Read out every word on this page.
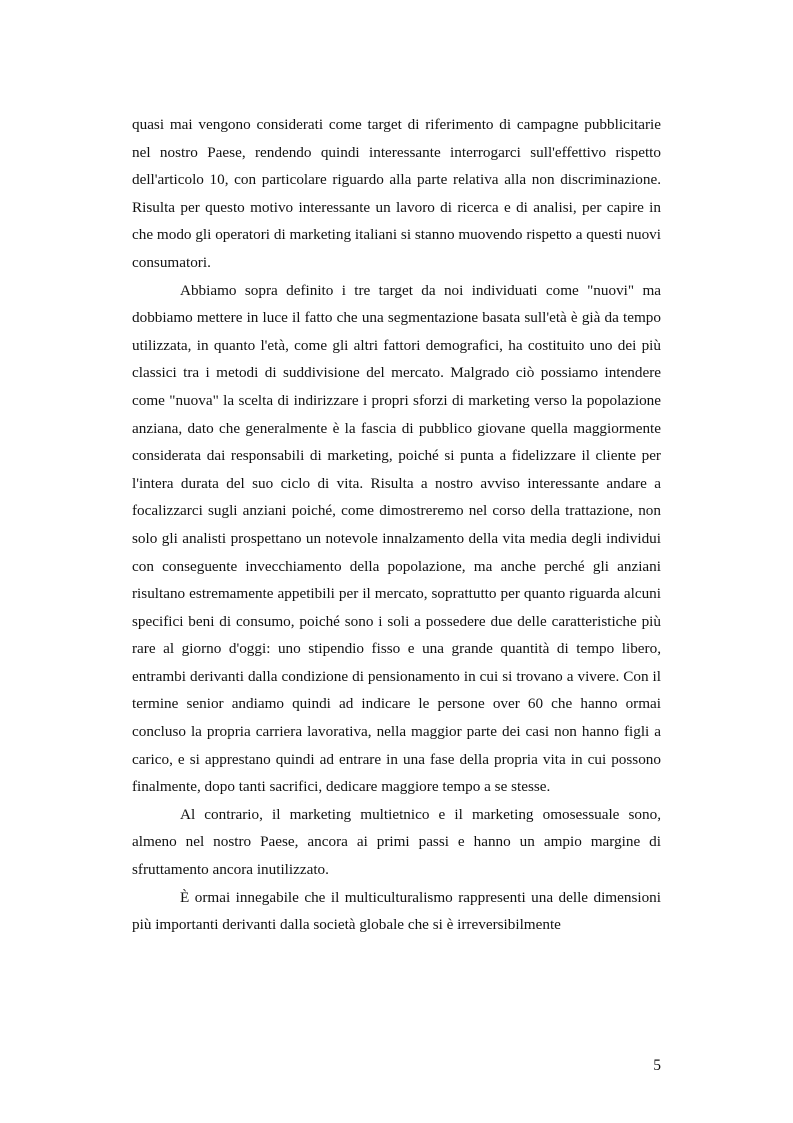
quasi mai vengono considerati come target di riferimento di campagne pubblicitarie nel nostro Paese, rendendo quindi interessante interrogarci sull'effettivo rispetto dell'articolo 10, con particolare riguardo alla parte relativa alla non discriminazione. Risulta per questo motivo interessante un lavoro di ricerca e di analisi, per capire in che modo gli operatori di marketing italiani si stanno muovendo rispetto a questi nuovi consumatori.

Abbiamo sopra definito i tre target da noi individuati come "nuovi" ma dobbiamo mettere in luce il fatto che una segmentazione basata sull'età è già da tempo utilizzata, in quanto l'età, come gli altri fattori demografici, ha costituito uno dei più classici tra i metodi di suddivisione del mercato. Malgrado ciò possiamo intendere come "nuova" la scelta di indirizzare i propri sforzi di marketing verso la popolazione anziana, dato che generalmente è la fascia di pubblico giovane quella maggiormente considerata dai responsabili di marketing, poiché si punta a fidelizzare il cliente per l'intera durata del suo ciclo di vita. Risulta a nostro avviso interessante andare a focalizzarci sugli anziani poiché, come dimostreremo nel corso della trattazione, non solo gli analisti prospettano un notevole innalzamento della vita media degli individui con conseguente invecchiamento della popolazione, ma anche perché gli anziani risultano estremamente appetibili per il mercato, soprattutto per quanto riguarda alcuni specifici beni di consumo, poiché sono i soli a possedere due delle caratteristiche più rare al giorno d'oggi: uno stipendio fisso e una grande quantità di tempo libero, entrambi derivanti dalla condizione di pensionamento in cui si trovano a vivere. Con il termine senior andiamo quindi ad indicare le persone over 60 che hanno ormai concluso la propria carriera lavorativa, nella maggior parte dei casi non hanno figli a carico, e si apprestano quindi ad entrare in una fase della propria vita in cui possono finalmente, dopo tanti sacrifici, dedicare maggiore tempo a se stesse.

Al contrario, il marketing multietnico e il marketing omosessuale sono, almeno nel nostro Paese, ancora ai primi passi e hanno un ampio margine di sfruttamento ancora inutilizzato.

È ormai innegabile che il multiculturalismo rappresenti una delle dimensioni più importanti derivanti dalla società globale che si è irreversibilmente

5
